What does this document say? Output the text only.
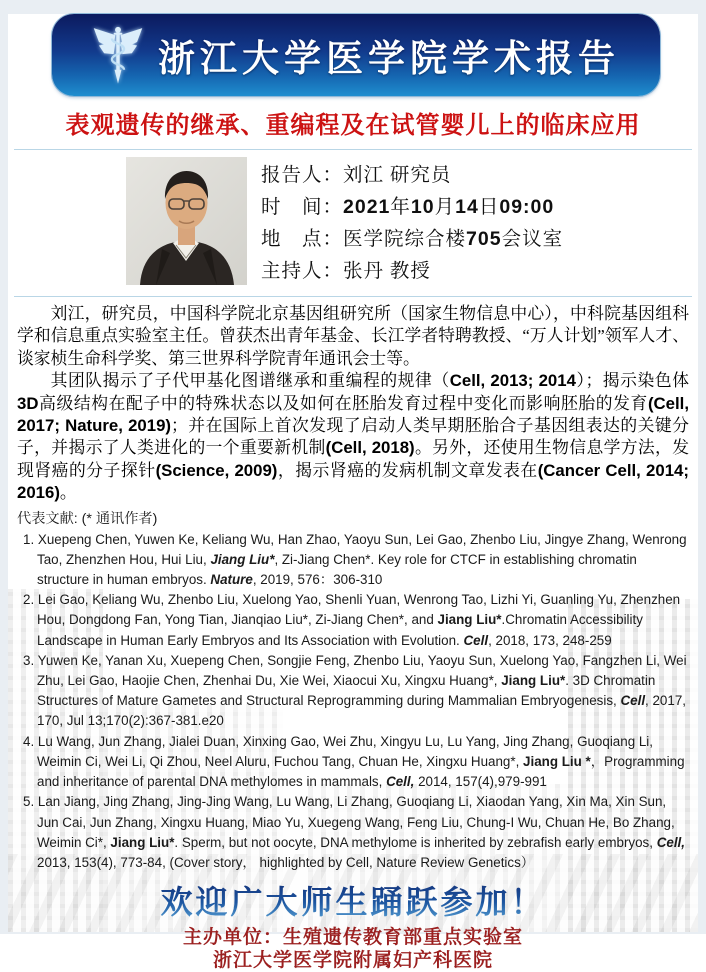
浙江大学医学院学术报告
表观遗传的继承、重编程及在试管婴儿上的临床应用
报告人：刘江 研究员
时　间：2021年10月14日09:00
地　点：医学院综合楼705会议室
主持人：张丹 教授

刘江，研究员，中国科学院北京基因组研究所（国家生物信息中心），中科院基因组科学和信息重点实验室主任。曾获杰出青年基金、长江学者特聘教授、“万人计划”领军人才、谈家桢生命科学奖、第三世界科学院青年通讯会士等。

其团队揭示了子代甲基化图谱继承和重编程的规律（Cell, 2013; 2014）；揭示染色体3D高级结构在配子中的特殊状态以及如何在胚胎发育过程中变化而影响胚胎的发育(Cell, 2017; Nature, 2019)；并在国际上首次发现了启动人类早期胚胎合子基因组表达的关键分子，并揭示了人类进化的一个重要新机制(Cell, 2018)。另外，还使用生物信息学方法，发现肾癌的分子探针(Science, 2009)，揭示肾癌的发病机制文章发表在(Cancer Cell, 2014; 2016)。

代表文献: (* 通讯作者)
1. Xuepeng Chen, Yuwen Ke, Keliang Wu, Han Zhao, Yaoyu Sun, Lei Gao, Zhenbo Liu, Jingye Zhang, Wenrong Tao, Zhenzhen Hou, Hui Liu, Jiang Liu*, Zi-Jiang Chen*. Key role for CTCF in establishing chromatin structure in human embryos. Nature, 2019, 576：306-310
2. Lei Gao, Keliang Wu, Zhenbo Liu, Xuelong Yao, Shenli Yuan, Wenrong Tao, Lizhi Yi, Guanling Yu, Zhenzhen Hou, Dongdong Fan, Yong Tian, Jianqiao Liu*, Zi-Jiang Chen*, and Jiang Liu*.Chromatin Accessibility Landscape in Human Early Embryos and Its Association with Evolution. Cell, 2018, 173, 248-259
3. Yuwen Ke, Yanan Xu, Xuepeng Chen, Songjie Feng, Zhenbo Liu, Yaoyu Sun, Xuelong Yao, Fangzhen Li, Wei Zhu, Lei Gao, Haojie Chen, Zhenhai Du, Xie Wei, Xiaocui Xu, Xingxu Huang*, Jiang Liu*. 3D Chromatin Structures of Mature Gametes and Structural Reprogramming during Mammalian Embryogenesis, Cell, 2017, 170, Jul 13;170(2):367-381.e20
4. Lu Wang, Jun Zhang, Jialei Duan, Xinxing Gao, Wei Zhu, Xingyu Lu, Lu Yang, Jing Zhang, Guoqiang Li, Weimin Ci, Wei Li, Qi Zhou, Neel Aluru, Fuchou Tang, Chuan He, Xingxu Huang*, Jiang Liu *，Programming and inheritance of parental DNA methylomes in mammals, Cell, 2014, 157(4),979-991
5. Lan Jiang, Jing Zhang, Jing-Jing Wang, Lu Wang, Li Zhang, Guoqiang Li, Xiaodan Yang, Xin Ma, Xin Sun, Jun Cai, Jun Zhang, Xingxu Huang, Miao Yu, Xuegeng Wang, Feng Liu, Chung-I Wu, Chuan He, Bo Zhang, Weimin Ci*, Jiang Liu*. Sperm, but not oocyte, DNA methylome is inherited by zebrafish early embryos, Cell, 2013, 153(4), 773-84, (Cover story， highlighted by Cell, Nature Review Genetics）
欢迎广大师生踊跃参加！
主办单位：生殖遗传教育部重点实验室
浙江大学医学院附属妇产科医院
